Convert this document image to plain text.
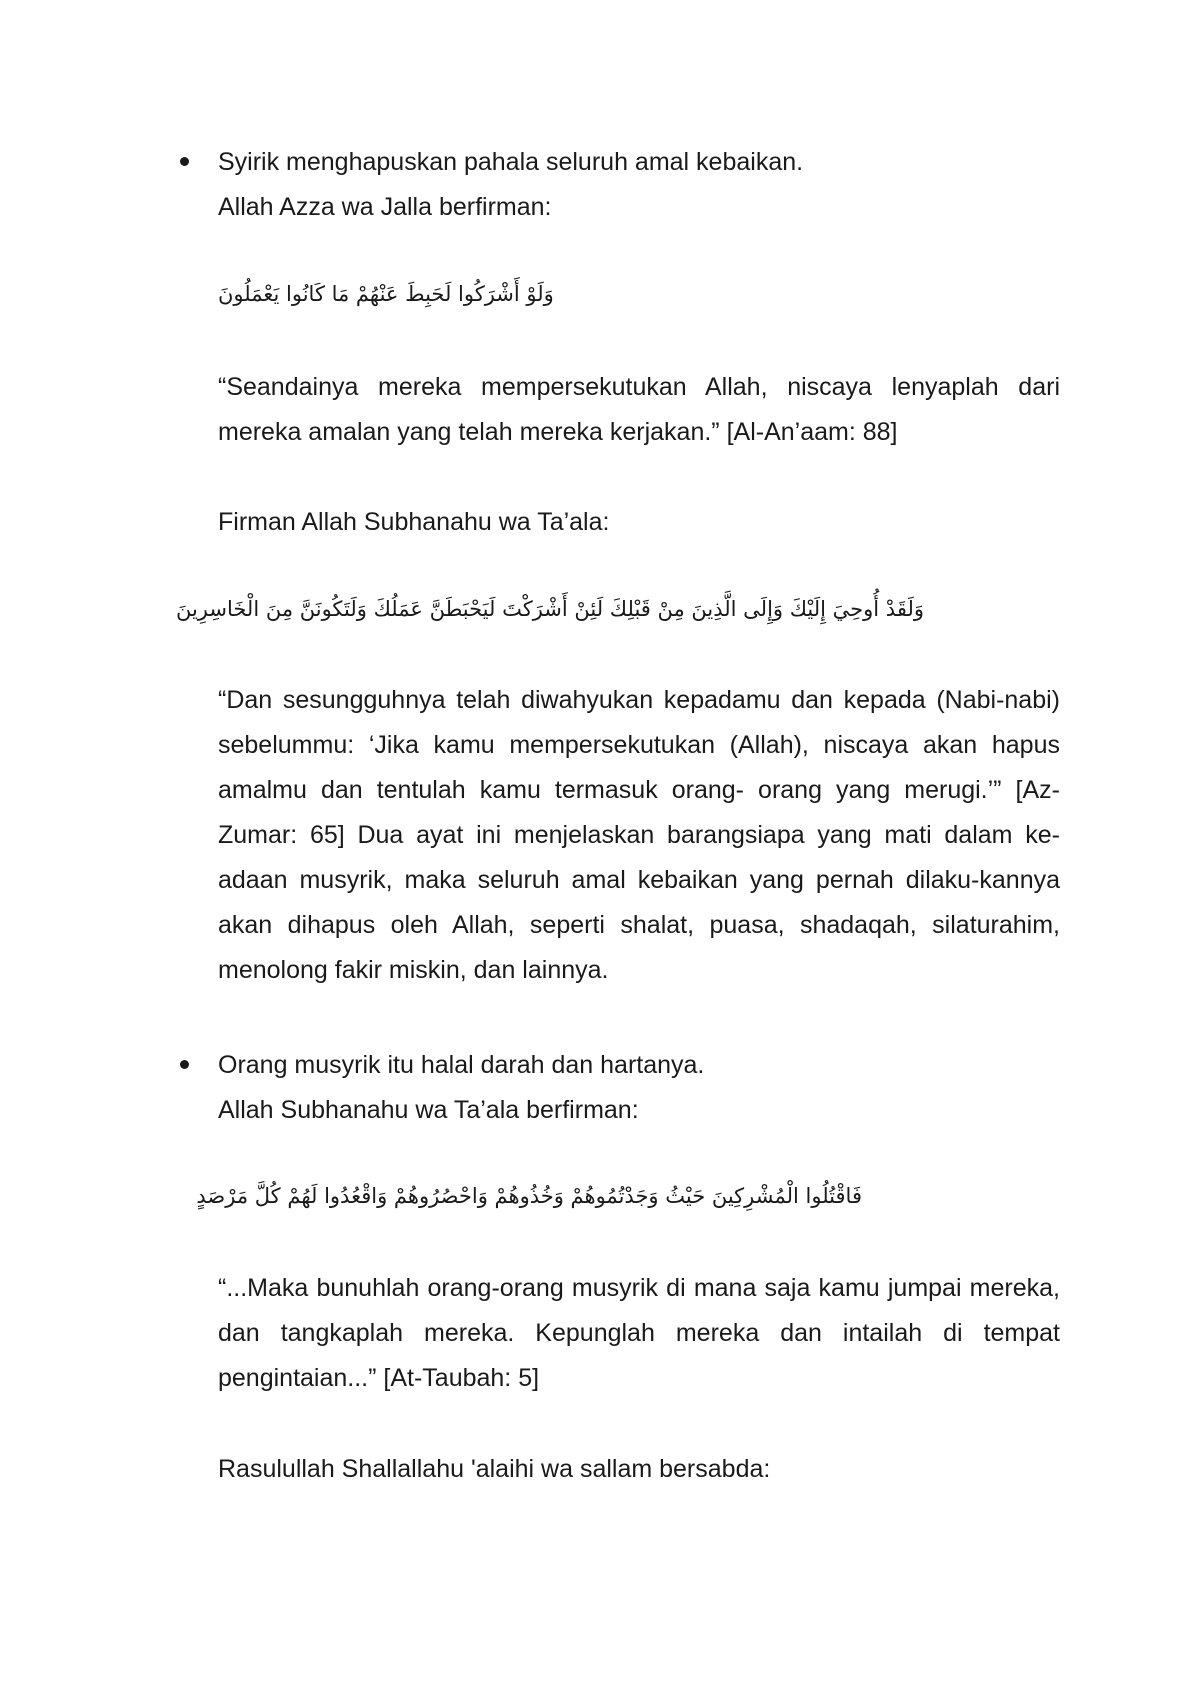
Syirik menghapuskan pahala seluruh amal kebaikan.
Allah Azza wa Jalla berfirman:
وَلَوْ أَشْرَكُوا لَحَبِطَ عَنْهُمْ مَا كَانُوا يَعْمَلُونَ
“Seandainya mereka mempersekutukan Allah, niscaya lenyaplah dari mereka amalan yang telah mereka kerjakan.” [Al-An’aam: 88]
Firman Allah Subhanahu wa Ta’ala:
وَلَقَدْ أُوحِيَ إِلَيْكَ وَإِلَى الَّذِينَ مِنْ قَبْلِكَ لَئِنْ أَشْرَكْتَ لَيَحْبَطَنَّ عَمَلُكَ وَلَتَكُونَنَّ مِنَ الْخَاسِرِينَ
“Dan sesungguhnya telah diwahyukan kepadamu dan kepada (Nabi-nabi) sebelummu: ‘Jika kamu mempersekutukan (Allah), niscaya akan hapus amalmu dan tentulah kamu termasuk orang- orang yang merugi.’” [Az-Zumar: 65] Dua ayat ini menjelaskan barangsiapa yang mati dalam ke-adaan musyrik, maka seluruh amal kebaikan yang pernah dilaku-kannya akan dihapus oleh Allah, seperti shalat, puasa, shadaqah, silaturahim, menolong fakir miskin, dan lainnya.
Orang musyrik itu halal darah dan hartanya.
Allah Subhanahu wa Ta’ala berfirman:
فَاقْتُلُوا الْمُشْرِكِينَ حَيْثُ وَجَدْتُمُوهُمْ وَخُذُوهُمْ وَاحْصُرُوهُمْ وَاقْعُدُوا لَهُمْ كُلَّ مَرْصَدٍ
“...Maka bunuhlah orang-orang musyrik di mana saja kamu jumpai mereka, dan tangkaplah mereka. Kepunglah mereka dan intailah di tempat pengintaian...” [At-Taubah: 5]
Rasulullah Shallallahu 'alaihi wa sallam bersabda:
